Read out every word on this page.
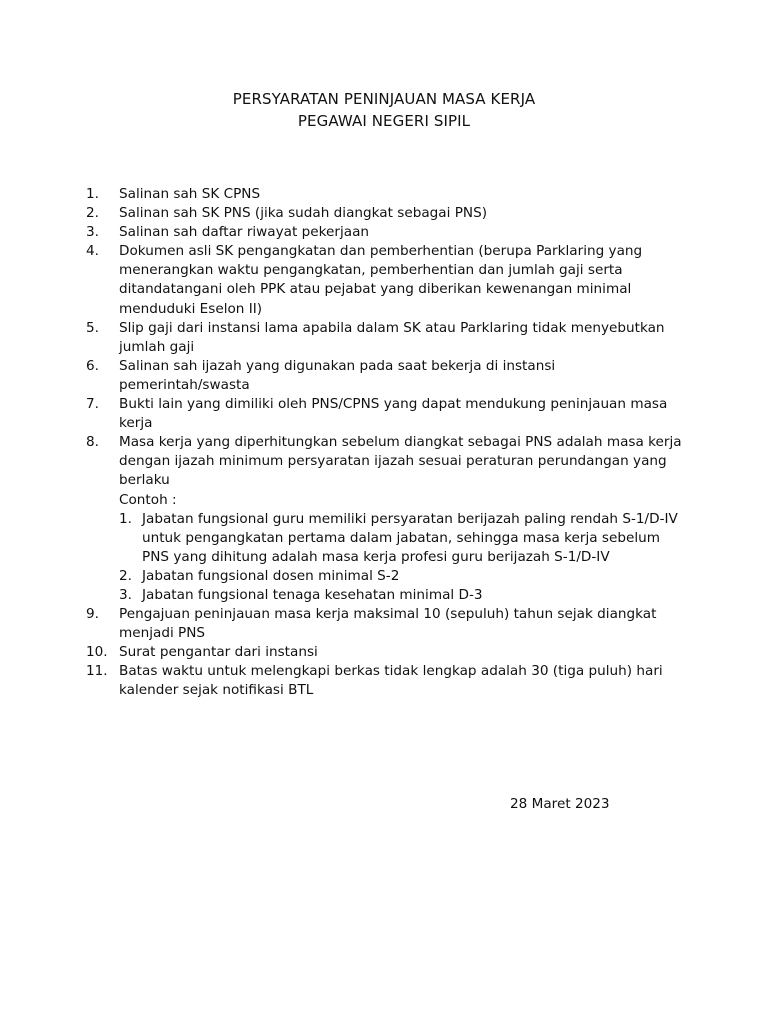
PERSYARATAN PENINJAUAN MASA KERJA
PEGAWAI NEGERI SIPIL
1.	Salinan sah SK CPNS
2.	Salinan sah SK PNS (jika sudah diangkat sebagai PNS)
3.	Salinan sah daftar riwayat pekerjaan
4.	Dokumen asli SK pengangkatan dan pemberhentian (berupa Parklaring yang menerangkan waktu pengangkatan, pemberhentian dan jumlah gaji serta ditandatangani oleh PPK atau pejabat yang diberikan kewenangan minimal menduduki Eselon II)
5.	Slip gaji dari instansi lama apabila dalam SK atau Parklaring tidak menyebutkan jumlah gaji
6.	Salinan sah ijazah yang digunakan pada saat bekerja di instansi pemerintah/swasta
7.	Bukti lain yang dimiliki oleh PNS/CPNS yang dapat mendukung peninjauan masa kerja
8.	Masa kerja yang diperhitungkan sebelum diangkat sebagai PNS adalah masa kerja dengan ijazah minimum persyaratan ijazah sesuai peraturan perundangan yang berlaku
Contoh :
1. Jabatan fungsional guru memiliki persyaratan berijazah paling rendah S-1/D-IV untuk pengangkatan pertama dalam jabatan, sehingga masa kerja sebelum PNS yang dihitung adalah masa kerja profesi guru berijazah S-1/D-IV
2. Jabatan fungsional dosen minimal S-2
3. Jabatan fungsional tenaga kesehatan minimal D-3
9.	Pengajuan peninjauan masa kerja maksimal 10 (sepuluh) tahun sejak diangkat menjadi PNS
10. Surat pengantar dari instansi
11. Batas waktu untuk melengkapi berkas tidak lengkap adalah 30 (tiga puluh) hari kalender sejak notifikasi BTL
28 Maret 2023
